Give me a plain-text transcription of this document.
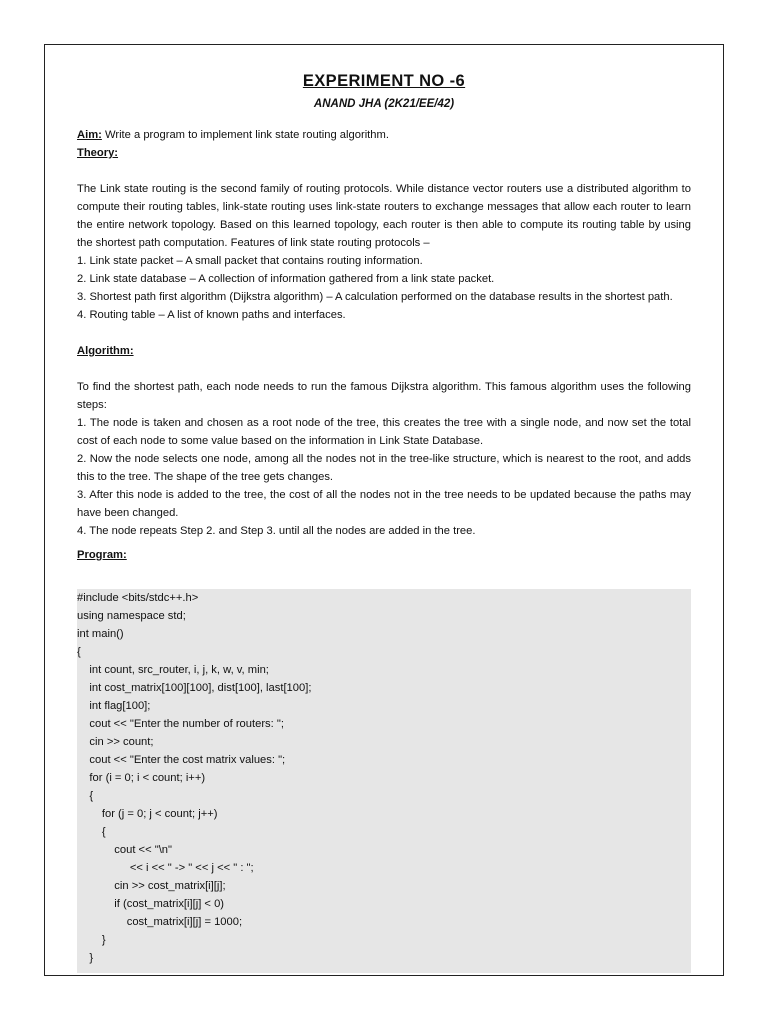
EXPERIMENT NO -6
ANAND JHA (2K21/EE/42)

Aim: Write a program to implement link state routing algorithm.

Theory:

The Link state routing is the second family of routing protocols. While distance vector routers use a distributed algorithm to compute their routing tables, link-state routing uses link-state routers to exchange messages that allow each router to learn the entire network topology. Based on this learned topology, each router is then able to compute its routing table by using the shortest path computation. Features of link state routing protocols –

1. Link state packet – A small packet that contains routing information.

2. Link state database – A collection of information gathered from a link state packet.

3. Shortest path first algorithm (Dijkstra algorithm) – A calculation performed on the database results in the shortest path.

4. Routing table – A list of known paths and interfaces.

Algorithm:

To find the shortest path, each node needs to run the famous Dijkstra algorithm. This famous algorithm uses the following steps:

1. The node is taken and chosen as a root node of the tree, this creates the tree with a single node, and now set the total cost of each node to some value based on the information in Link State Database.

2. Now the node selects one node, among all the nodes not in the tree-like structure, which is nearest to the root, and adds this to the tree. The shape of the tree gets changes.

3. After this node is added to the tree, the cost of all the nodes not in the tree needs to be updated because the paths may have been changed.

4. The node repeats Step 2. and Step 3. until all the nodes are added in the tree.

Program:

#include <bits/stdc++.h>
using namespace std;
int main()
{
int count, src_router, i, j, k, w, v, min;
int cost_matrix[100][100], dist[100], last[100];
int flag[100];
cout << "Enter the number of routers: ";
cin >> count;
cout << "Enter the cost matrix values: ";
for (i = 0; i < count; i++)
{
for (j = 0; j < count; j++)
{
cout << "\n"
<< i << " -> " << j << " : ";
cin >> cost_matrix[i][j];
if (cost_matrix[i][j] < 0)
cost_matrix[i][j] = 1000;
}
}
